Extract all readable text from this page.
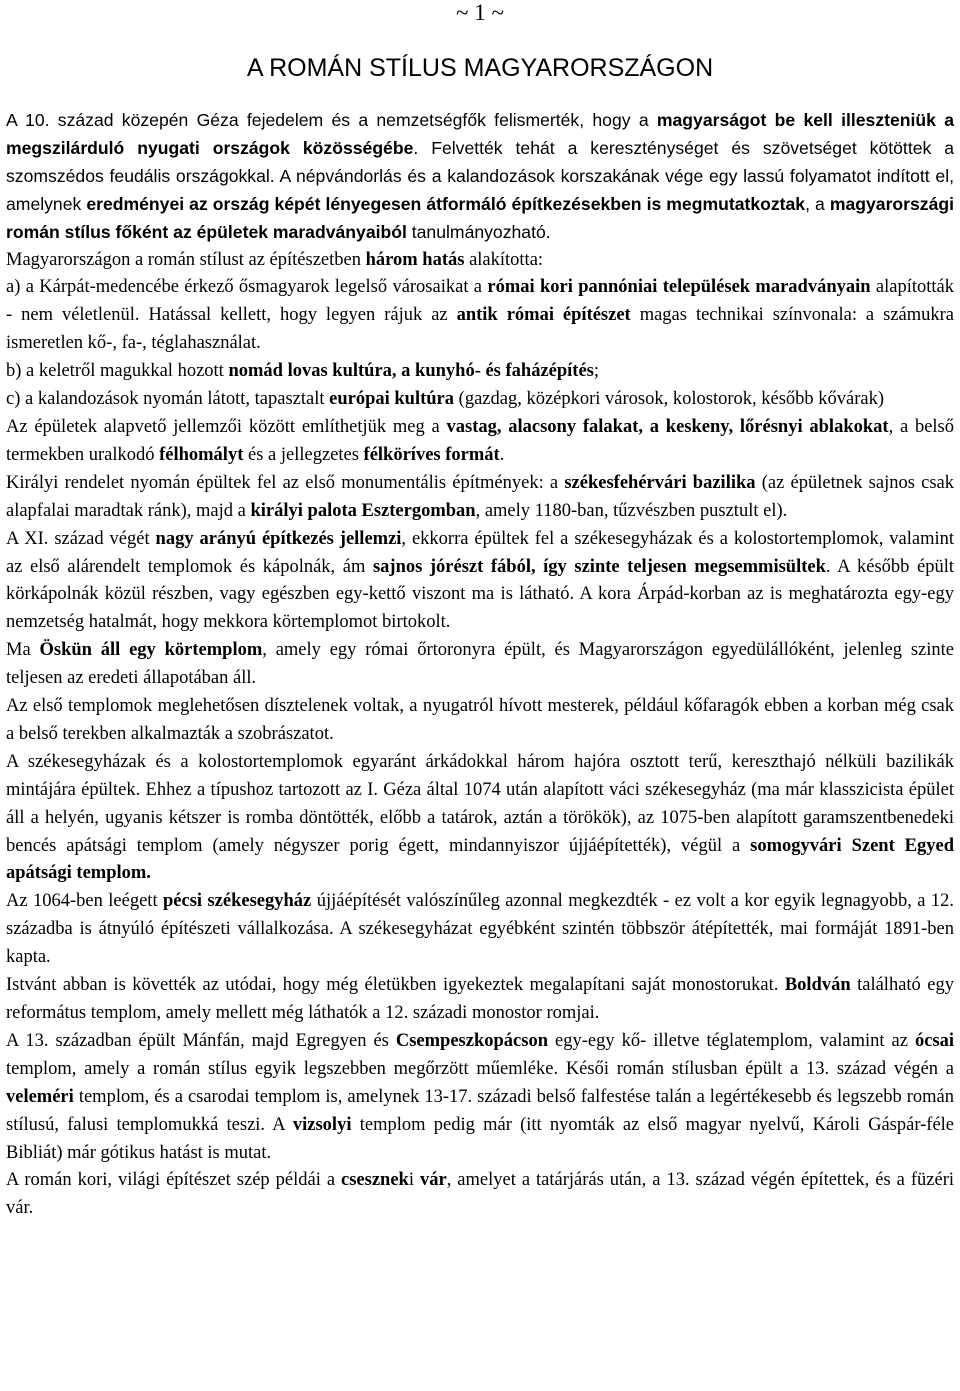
~ 1 ~
A ROMÁN STÍLUS MAGYARORSZÁGON

A 10. század közepén Géza fejedelem és a nemzetségfők felismerték, hogy a magyarságot be kell illeszteniük a megszilárduló nyugati országok közösségébe. Felvették tehát a kereszténységet és szövetséget kötöttek a szomszédos feudális országokkal. A népvándorlás és a kalandozások korszakának vége egy lassú folyamatot indított el, amelynek eredményei az ország képét lényegesen átformáló építkezésekben is megmutatkoztak, a magyarországi román stílus főként az épületek maradványaiból tanulmányozható.

Magyarországon a román stílust az építészetben három hatás alakította:

a) a Kárpát-medencébe érkező ősmagyarok legelső városaikat a római kori pannóniai települések maradványain alapították - nem véletlenül. Hatással kellett, hogy legyen rájuk az antik római építészet magas technikai színvonala: a számukra ismeretlen kő-, fa-, téglahasználat.

b) a keletről magukkal hozott nomád lovas kultúra, a kunyhó- és faházépítés;

c) a kalandozások nyomán látott, tapasztalt európai kultúra (gazdag, középkori városok, kolostorok, később kővárak)

Az épületek alapvető jellemzői között említhetjük meg a vastag, alacsony falakat, a keskeny, lőrésnyi ablakokat, a belső termekben uralkodó félhomályt és a jellegzetes félköríves formát.

Királyi rendelet nyomán épültek fel az első monumentális építmények: a székesfehérvári bazilika (az épületnek sajnos csak alapfalai maradtak ránk), majd a királyi palota Esztergomban, amely 1180-ban, tűzvészben pusztult el).

A XI. század végét nagy arányú építkezés jellemzi, ekkorra épültek fel a székesegyházak és a kolostortemplomok, valamint az első alárendelt templomok és kápolnák, ám sajnos jórészt fából, így szinte teljesen megsemmisültek. A később épült körkápolnák közül részben, vagy egészben egy-kettő viszont ma is látható. A kora Árpád-korban az is meghatározta egy-egy nemzetség hatalmát, hogy mekkora körtemplomot birtokolt.

Ma Öskün áll egy körtemplom, amely egy római őrtoronyra épült, és Magyarországon egyedülállóként, jelenleg szinte teljesen az eredeti állapotában áll.

Az első templomok meglehetősen dísztelenek voltak, a nyugatról hívott mesterek, például kőfaragók ebben a korban még csak a belső terekben alkalmazták a szobrászatot.

A székesegyházak és a kolostortemplomok egyaránt árkádokkal három hajóra osztott terű, kereszthajó nélküli bazilikák mintájára épültek. Ehhez a típushoz tartozott az I. Géza által 1074 után alapított váci székesegyház (ma már klasszicista épület áll a helyén, ugyanis kétszer is romba döntötték, előbb a tatárok, aztán a törökök), az 1075-ben alapított garamszentbenedeki bencés apátsági templom (amely négyszer porig égett, mindannyiszor újjáépítették), végül a somogyvári Szent Egyed apátsági templom.

Az 1064-ben leégett pécsi székesegyház újjáépítését valószínűleg azonnal megkezdték - ez volt a kor egyik legnagyobb, a 12. századba is átnyúló építészeti vállalkozása. A székesegyházat egyébként szintén többször átépítették, mai formáját 1891-ben kapta.

Istvánt abban is követték az utódai, hogy még életükben igyekeztek megalapítani saját monostorukat. Boldván található egy református templom, amely mellett még láthatók a 12. századi monostor romjai.

A 13. században épült Mánfán, majd Egregyen és Csempeszkopácson egy-egy kő- illetve téglatemplom, valamint az ócsai templom, amely a román stílus egyik legszebben megőrzött műemléke. Késői román stílusban épült a 13. század végén a veleméri templom, és a csarodai templom is, amelynek 13-17. századi belső falfestése talán a legértékesebb és legszebb román stílusú, falusi templomukká teszi. A vizsolyi templom pedig már (itt nyomták az első magyar nyelvű, Károli Gáspár-féle Bibliát) már gótikus hatást is mutat.

A román kori, világi építészet szép példái a cseszneki vár, amelyet a tatárjárás után, a 13. század végén építettek, és a füzéri vár.
